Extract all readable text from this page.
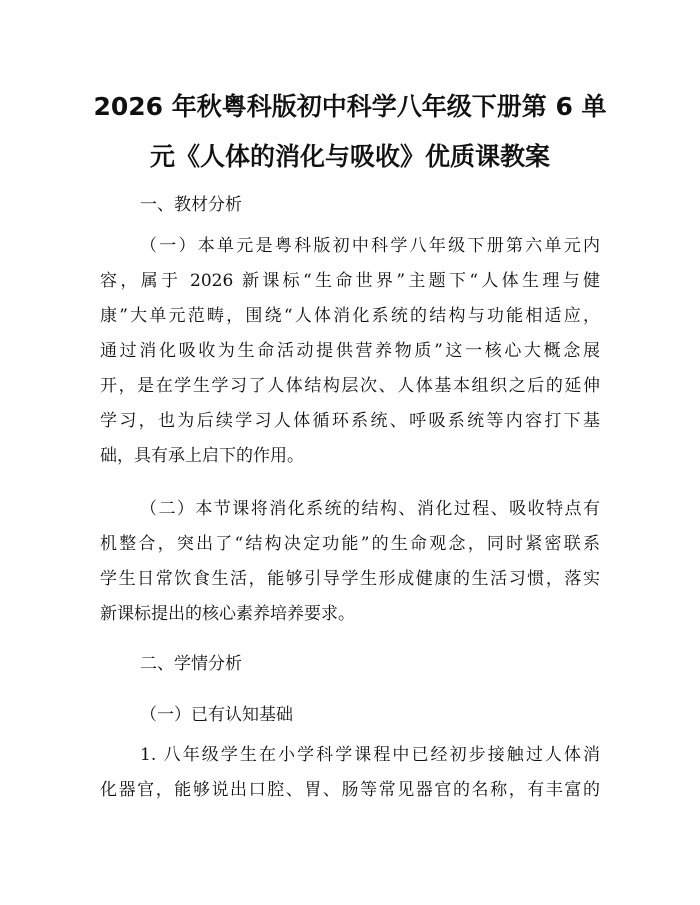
2026 年秋粤科版初中科学八年级下册第 6 单
元《人体的消化与吸收》优质课教案

一、教材分析

（一）本单元是粤科版初中科学八年级下册第六单元内
容，属于 2026 新课标“生命世界”主题下“人体生理与健
康”大单元范畴，围绕“人体消化系统的结构与功能相适应，
通过消化吸收为生命活动提供营养物质”这一核心大概念展
开，是在学生学习了人体结构层次、人体基本组织之后的延伸
学习，也为后续学习人体循环系统、呼吸系统等内容打下基
础，具有承上启下的作用。
（二）本节课将消化系统的结构、消化过程、吸收特点有
机整合，突出了“结构决定功能”的生命观念，同时紧密联系
学生日常饮食生活，能够引导学生形成健康的生活习惯，落实
新课标提出的核心素养培养要求。

二、学情分析

（一）已有认知基础

1. 八年级学生在小学科学课程中已经初步接触过人体消
化器官，能够说出口腔、胃、肠等常见器官的名称，有丰富的
